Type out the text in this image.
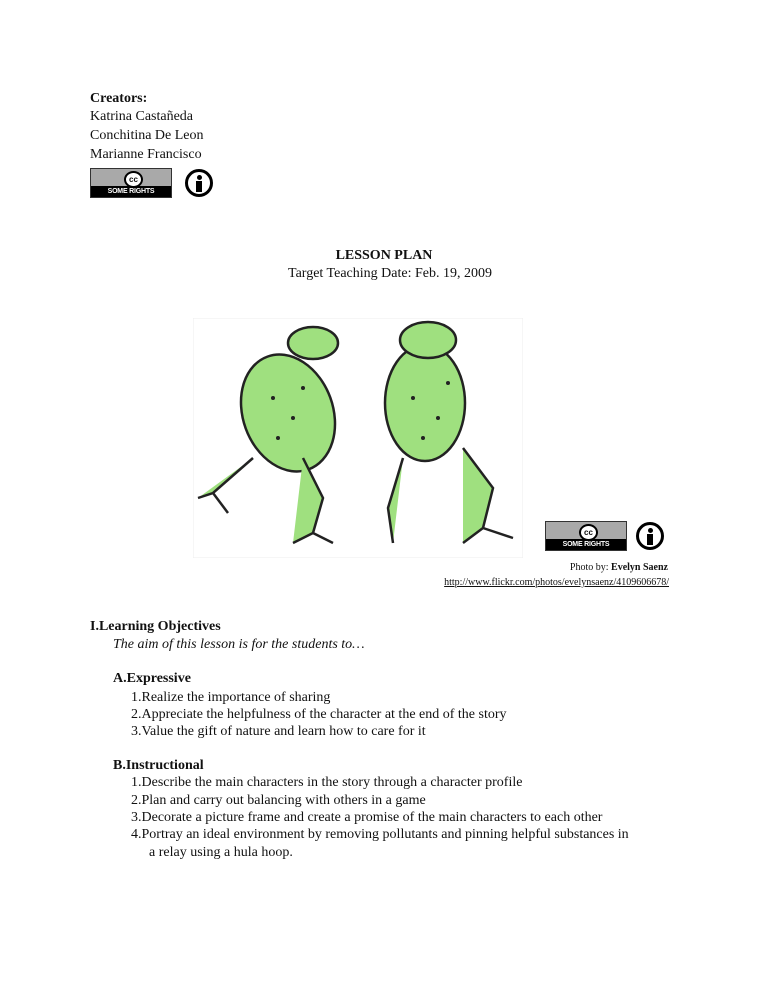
Creators:
Katrina Castañeda
Conchitina De Leon
Marianne Francisco
cc
SOME RIGHTS RESERVED
LESSON PLAN
Target Teaching Date: Feb. 19, 2009
cc
SOME RIGHTS RESERVED
Photo by: Evelyn Saenz
http://www.flickr.com/photos/evelynsaenz/4109606678/
I.Learning Objectives
The aim of this lesson is for the students to…
A.Expressive
1.Realize the importance of sharing
2.Appreciate the helpfulness of the character at the end of the story
3.Value the gift of nature and learn how to care for it
B.Instructional
1.Describe the main characters in the story through a character profile
2.Plan and carry out balancing with others in a game
3.Decorate a picture frame and create a promise of the main characters to each other
4.Portray an ideal environment by removing pollutants and pinning helpful substances in
a relay using a hula hoop.
